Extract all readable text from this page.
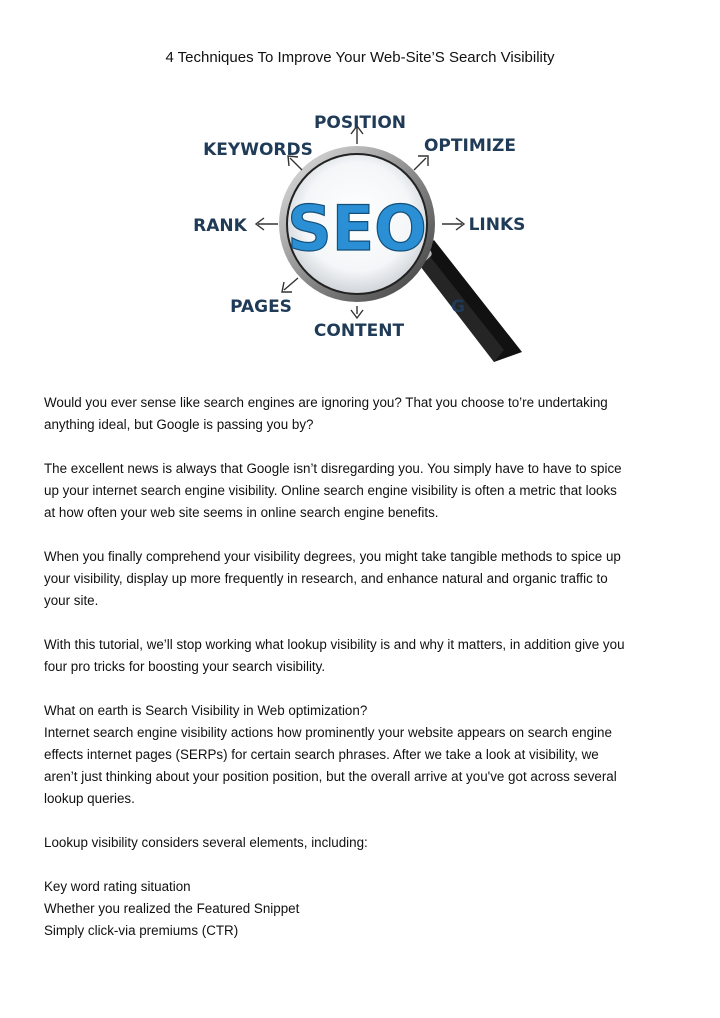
4 Techniques To Improve Your Web-Site’S Search Visibility
SEO
POSITION
KEYWORDS	OPTIMIZE
RANK	LINKS
PAGES
CONTENT
G

Would you ever sense like search engines are ignoring you? That you choose to’re undertaking
anything ideal, but Google is passing you by?

The excellent news is always that Google isn’t disregarding you. You simply have to have to spice
up your internet search engine visibility. Online search engine visibility is often a metric that looks
at how often your web site seems in online search engine benefits.

When you finally comprehend your visibility degrees, you might take tangible methods to spice up
your visibility, display up more frequently in research, and enhance natural and organic traffic to
your site.

With this tutorial, we’ll stop working what lookup visibility is and why it matters, in addition give you
four pro tricks for boosting your search visibility.

What on earth is Search Visibility in Web optimization?
Internet search engine visibility actions how prominently your website appears on search engine
effects internet pages (SERPs) for certain search phrases. After we take a look at visibility, we
aren’t just thinking about your position position, but the overall arrive at you've got across several
lookup queries.

Lookup visibility considers several elements, including:

Key word rating situation
Whether you realized the Featured Snippet
Simply click-via premiums (CTR)
